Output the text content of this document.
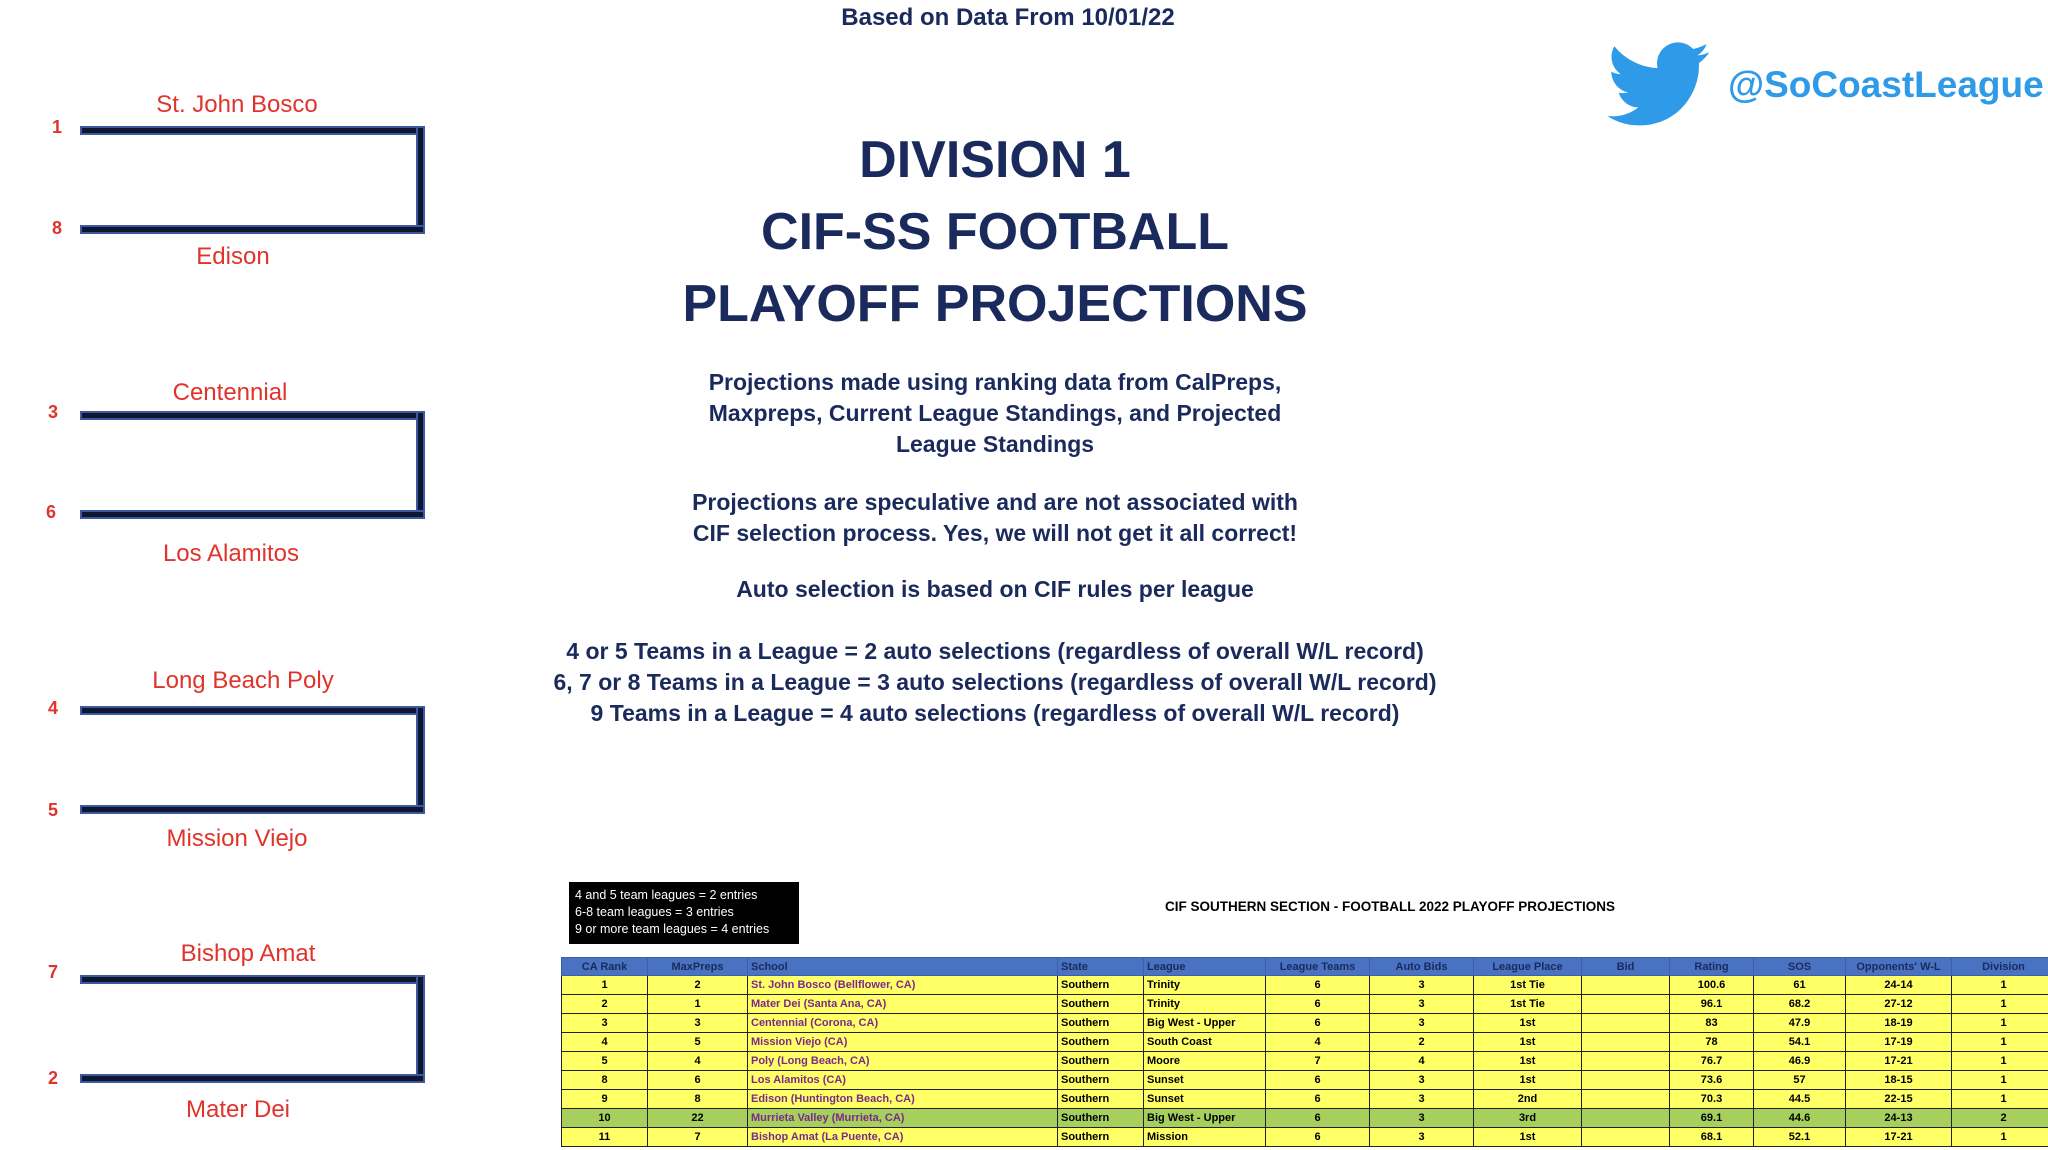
Based on Data From 10/01/22
@SoCoastLeague
DIVISION 1
CIF-SS FOOTBALL
PLAYOFF PROJECTIONS
Projections made using ranking data from CalPreps,
Maxpreps, Current League Standings, and Projected
League Standings
Projections are speculative and are not associated with
CIF selection process. Yes, we will not get it all correct!
Auto selection is based on CIF rules per league
4 or 5 Teams in a League = 2 auto selections (regardless of overall W/L record)
6, 7 or 8 Teams in a League = 3 auto selections (regardless of overall W/L record)
9 Teams in a League = 4 auto selections (regardless of overall W/L record)
St. John Bosco
1
8
Edison
Centennial
3
6
Los Alamitos
Long Beach Poly
4
5
Mission Viejo
Bishop Amat
7
2
Mater Dei
4 and 5 team leagues = 2 entries
6-8 team leagues = 3 entries
9 or more team leagues = 4 entries
CIF SOUTHERN SECTION - FOOTBALL 2022 PLAYOFF PROJECTIONS
CA Rank	MaxPreps	School	State	League	League Teams	Auto Bids	League Place	Bid	Rating	SOS	Opponents' W-L	Division
1	2	St. John Bosco (Bellflower, CA)	Southern	Trinity	6	3	1st Tie		100.6	61	24-14	1
2	1	Mater Dei (Santa Ana, CA)	Southern	Trinity	6	3	1st Tie		96.1	68.2	27-12	1
3	3	Centennial (Corona, CA)	Southern	Big West - Upper	6	3	1st		83	47.9	18-19	1
4	5	Mission Viejo (CA)	Southern	South Coast	4	2	1st		78	54.1	17-19	1
5	4	Poly (Long Beach, CA)	Southern	Moore	7	4	1st		76.7	46.9	17-21	1
8	6	Los Alamitos (CA)	Southern	Sunset	6	3	1st		73.6	57	18-15	1
9	8	Edison (Huntington Beach, CA)	Southern	Sunset	6	3	2nd		70.3	44.5	22-15	1
10	22	Murrieta Valley (Murrieta, CA)	Southern	Big West - Upper	6	3	3rd		69.1	44.6	24-13	2
11	7	Bishop Amat (La Puente, CA)	Southern	Mission	6	3	1st		68.1	52.1	17-21	1
